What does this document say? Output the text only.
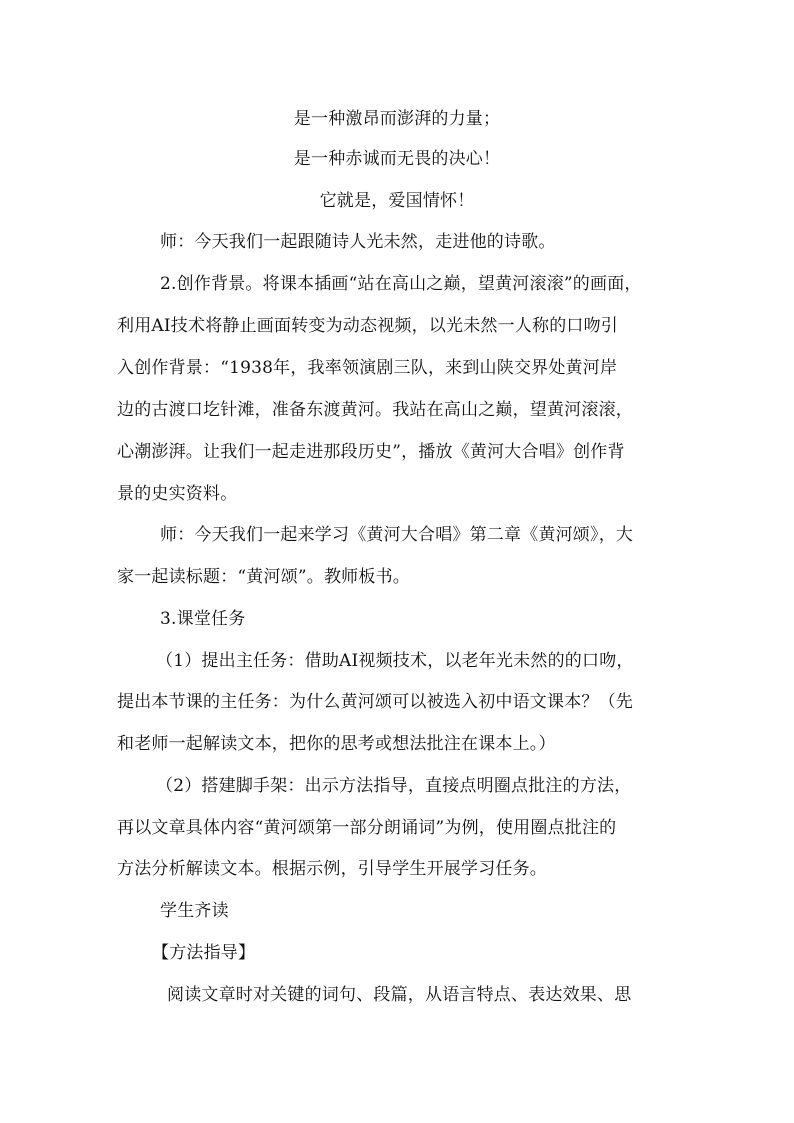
是一种激昂而澎湃的力量；
是一种赤诚而无畏的决心！
它就是，爱国情怀！
师：今天我们一起跟随诗人光未然，走进他的诗歌。
2.创作背景。将课本插画“站在高山之巅，望黄河滚滚”的画面，
利用AI技术将静止画面转变为动态视频，以光未然一人称的口吻引
入创作背景：“1938年，我率领演剧三队，来到山陕交界处黄河岸
边的古渡口圪针滩，准备东渡黄河。我站在高山之巅，望黄河滚滚，
心潮澎湃。让我们一起走进那段历史”，播放《黄河大合唱》创作背
景的史实资料。
师：今天我们一起来学习《黄河大合唱》第二章《黄河颂》，大
家一起读标题：“黄河颂”。教师板书。
3.课堂任务
（1）提出主任务：借助AI视频技术，以老年光未然的的口吻，
提出本节课的主任务：为什么黄河颂可以被选入初中语文课本？（先
和老师一起解读文本，把你的思考或想法批注在课本上。）
（2）搭建脚手架：出示方法指导，直接点明圈点批注的方法，
再以文章具体内容“黄河颂第一部分朗诵词”为例，使用圈点批注的
方法分析解读文本。根据示例，引导学生开展学习任务。
学生齐读
【方法指导】
阅读文章时对关键的词句、段篇，从语言特点、表达效果、思
